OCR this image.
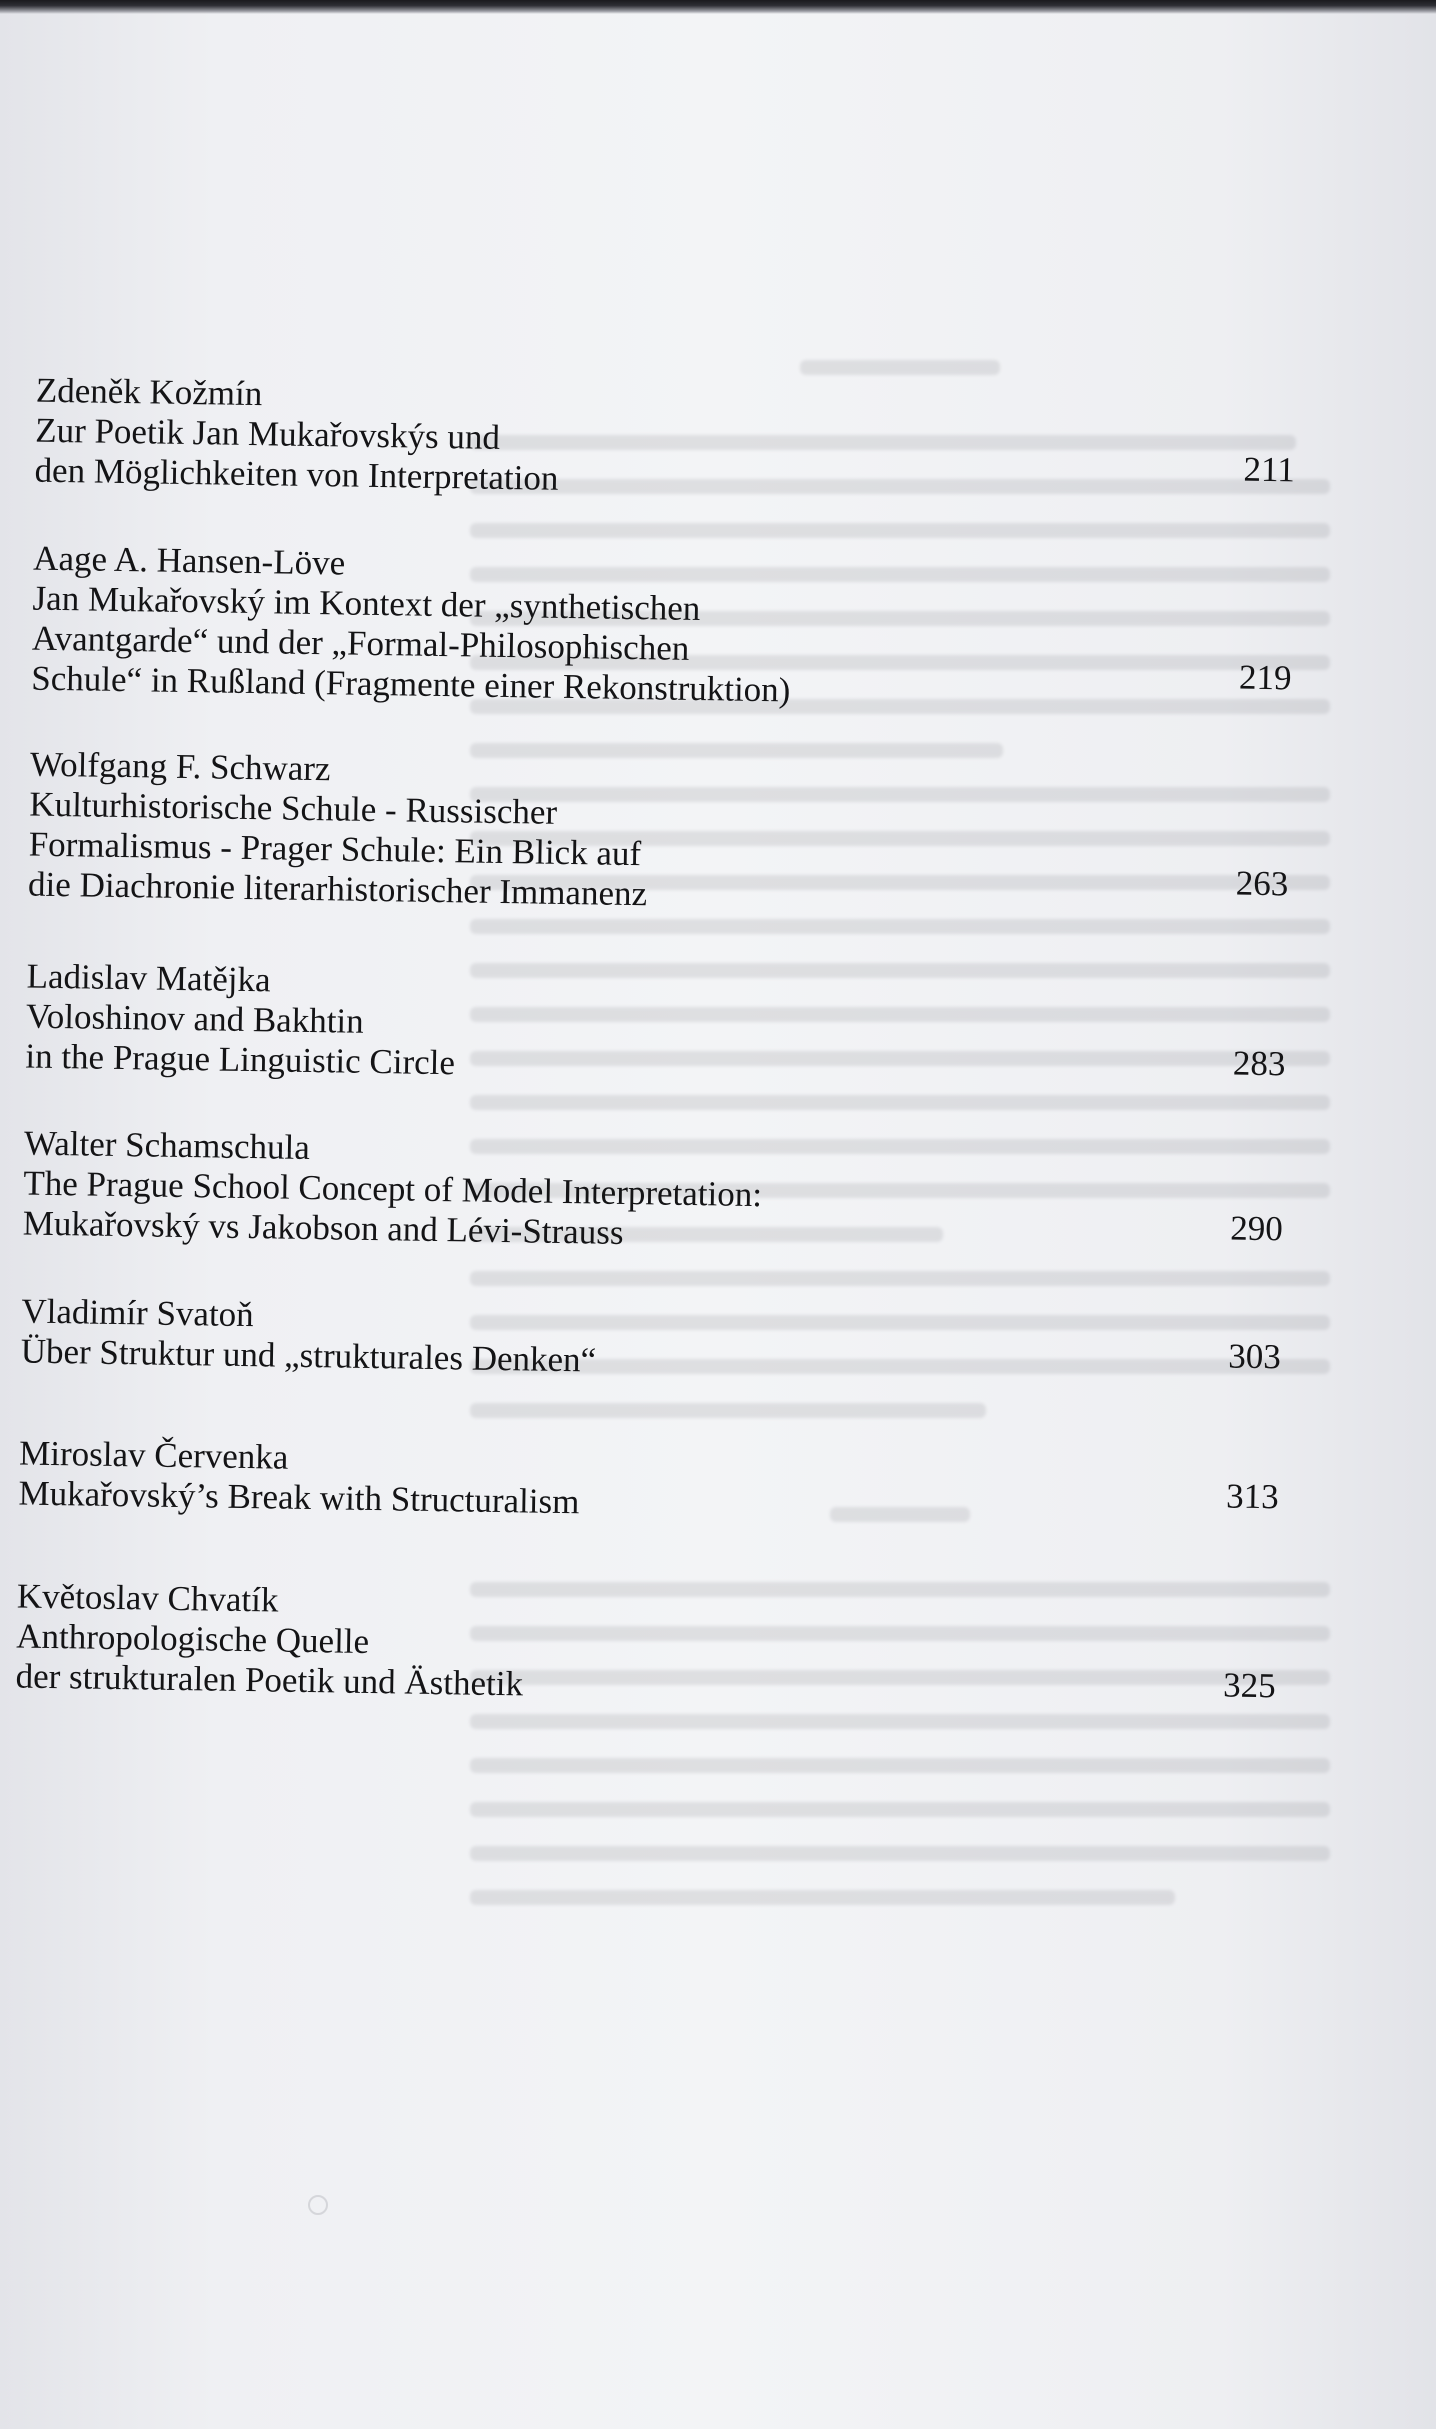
Zdeněk Kožmín
Zur Poetik Jan Mukařovskýs und
den Möglichkeiten von Interpretation	211
Aage A. Hansen-Löve
Jan Mukařovský im Kontext der „synthetischen
Avantgarde“ und der „Formal-Philosophischen
Schule“ in Rußland (Fragmente einer Rekonstruktion)	219
Wolfgang F. Schwarz
Kulturhistorische Schule - Russischer
Formalismus - Prager Schule: Ein Blick auf
die Diachronie literarhistorischer Immanenz	263
Ladislav Matějka
Voloshinov and Bakhtin
in the Prague Linguistic Circle	283
Walter Schamschula
The Prague School Concept of Model Interpretation:
Mukařovský vs Jakobson and Lévi-Strauss	290
Vladimír Svatoň
Über Struktur und „strukturales Denken“	303
Miroslav Červenka
Mukařovský’s Break with Structuralism	313
Květoslav Chvatík
Anthropologische Quelle
der strukturalen Poetik und Ästhetik	325
